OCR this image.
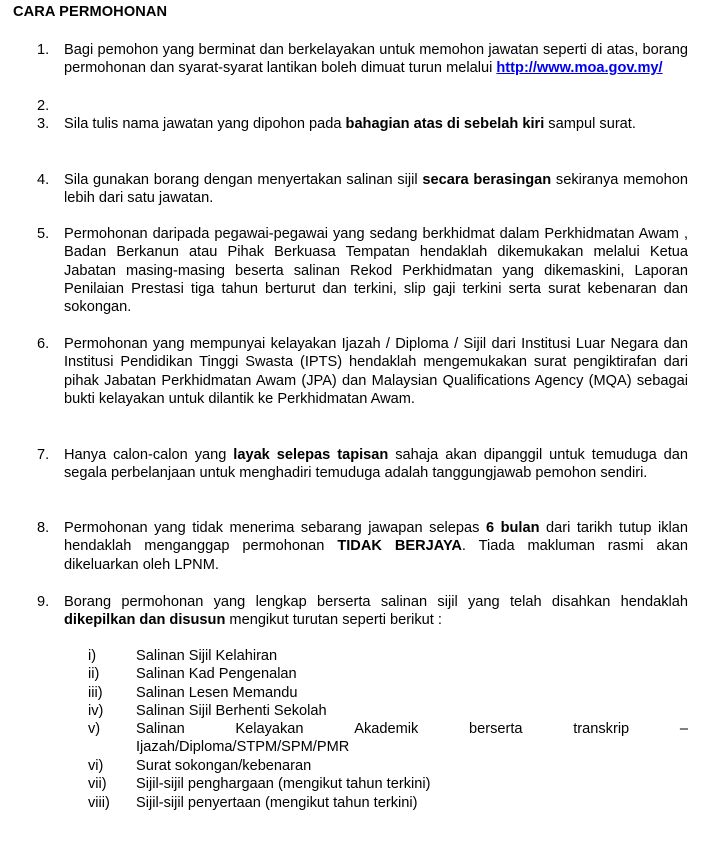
CARA PERMOHONAN
1.	Bagi pemohon yang berminat dan berkelayakan untuk memohon jawatan seperti di atas, borang permohonan dan syarat-syarat lantikan boleh dimuat turun melalui http://www.moa.gov.my/
2.
3.	Sila tulis nama jawatan yang dipohon pada bahagian atas di sebelah kiri sampul surat.
4.	Sila gunakan borang dengan menyertakan salinan sijil secara berasingan sekiranya memohon lebih dari satu jawatan.
5.	Permohonan daripada pegawai-pegawai yang sedang berkhidmat dalam Perkhidmatan Awam , Badan Berkanun atau Pihak Berkuasa Tempatan hendaklah dikemukakan melalui Ketua Jabatan masing-masing beserta salinan Rekod Perkhidmatan yang dikemaskini, Laporan Penilaian Prestasi tiga tahun berturut dan terkini, slip gaji terkini serta surat kebenaran dan sokongan.
6.	Permohonan yang mempunyai kelayakan Ijazah / Diploma / Sijil dari Institusi Luar Negara dan Institusi Pendidikan Tinggi Swasta (IPTS) hendaklah mengemukakan surat pengiktirafan dari pihak Jabatan Perkhidmatan Awam (JPA) dan Malaysian Qualifications Agency (MQA) sebagai bukti kelayakan untuk dilantik ke Perkhidmatan Awam.
7.	Hanya calon-calon yang layak selepas tapisan sahaja akan dipanggil untuk temuduga dan segala perbelanjaan untuk menghadiri temuduga adalah tanggungjawab pemohon sendiri.
8.	Permohonan yang tidak menerima sebarang jawapan selepas 6 bulan dari tarikh tutup iklan hendaklah menganggap permohonan TIDAK BERJAYA. Tiada makluman rasmi akan dikeluarkan oleh LPNM.
9.	Borang permohonan yang lengkap berserta salinan sijil yang telah disahkan hendaklah dikepilkan dan disusun mengikut turutan seperti berikut :
i)	Salinan Sijil Kelahiran
ii)	Salinan Kad Pengenalan
iii) Salinan Lesen Memandu
iv) Salinan Sijil Berhenti Sekolah
v) Salinan	Kelayakan	Akademik	berserta	transkrip	–
Ijazah/Diploma/STPM/SPM/PMR
vi) Surat sokongan/kebenaran
vii) Sijil-sijil penghargaan (mengikut tahun terkini)
viii) Sijil-sijil penyertaan (mengikut tahun terkini)
